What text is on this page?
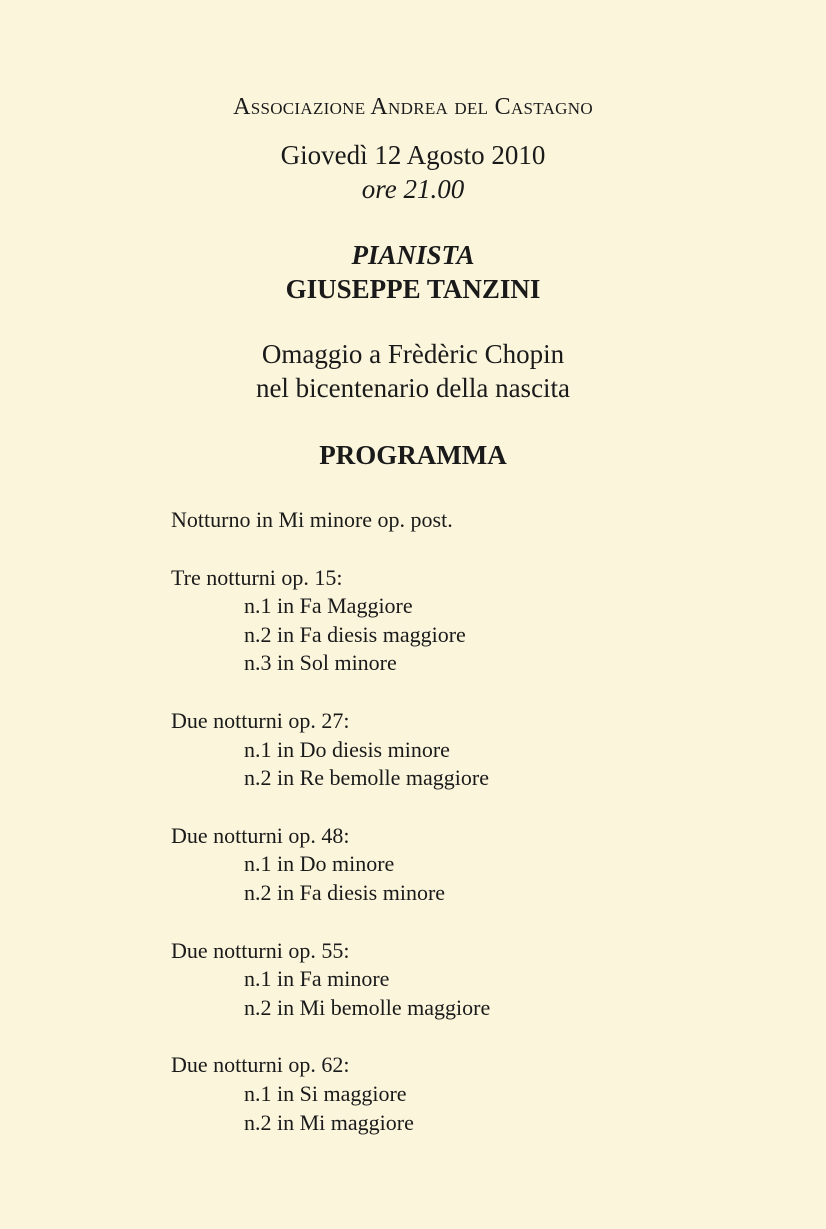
Associazione Andrea del Castagno
Giovedì 12 Agosto 2010
ore 21.00
PIANISTA
GIUSEPPE TANZINI
Omaggio a Frèdèric Chopin
nel bicentenario della nascita
PROGRAMMA
Notturno in Mi minore op. post.
Tre notturni op. 15:
n.1 in Fa Maggiore
n.2 in Fa diesis maggiore
n.3 in Sol minore
Due notturni op. 27:
n.1 in Do diesis minore
n.2 in Re bemolle maggiore
Due notturni op. 48:
n.1 in Do minore
n.2 in Fa diesis minore
Due notturni op. 55:
n.1 in Fa minore
n.2 in Mi bemolle maggiore
Due notturni op. 62:
n.1 in Si maggiore
n.2 in Mi maggiore
